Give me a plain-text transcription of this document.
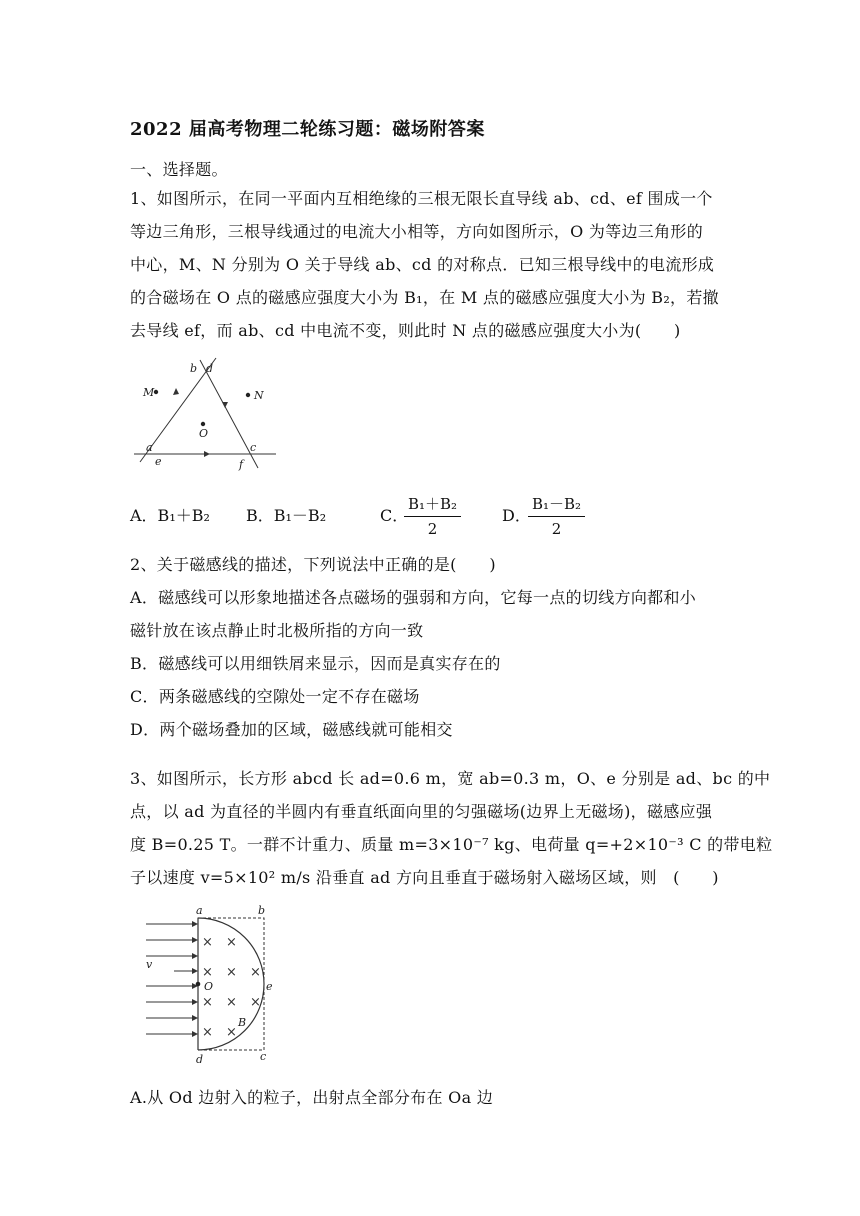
2022 届高考物理二轮练习题：磁场附答案
一、选择题。
1、如图所示，在同一平面内互相绝缘的三根无限长直导线 ab、cd、ef 围成一个
等边三角形，三根导线通过的电流大小相等，方向如图所示，O 为等边三角形的
中心，M、N 分别为 O 关于导线 ab、cd 的对称点．已知三根导线中的电流形成
的合磁场在 O 点的磁感应强度大小为 B₁，在 M 点的磁感应强度大小为 B₂，若撤
去导线 ef，而 ab、cd 中电流不变，则此时 N 点的磁感应强度大小为(　　)
b d
M	N
O
a	c
e	f
A．B₁＋B₂ B．B₁－B₂	C．
$\frac{\text{B₁＋B₂}}{2}$	D．
$\frac{\text{B₁－B₂}}{2}$
2、关于磁感线的描述，下列说法中正确的是(　　)
A．磁感线可以形象地描述各点磁场的强弱和方向，它每一点的切线方向都和小
磁针放在该点静止时北极所指的方向一致
B．磁感线可以用细铁屑来显示，因而是真实存在的
C．两条磁感线的空隙处一定不存在磁场
D．两个磁场叠加的区域，磁感线就可能相交
3、如图所示，长方形 abcd 长 ad=0.6 m，宽 ab=0.3 m，O、e 分别是 ad、bc 的中
点，以 ad 为直径的半圆内有垂直纸面向里的匀强磁场(边界上无磁场)，磁感应强
度 B=0.25 T。一群不计重力、质量 m=3×10⁻⁷ kg、电荷量 q=+2×10⁻³ C 的带电粒
子以速度 v=5×10² m/s 沿垂直 ad 方向且垂直于磁场射入磁场区域，则　(　　)
× ×
× × ×
× × ×
× ×
a	b
v
O	e
B
d	c
A.从 Od 边射入的粒子，出射点全部分布在 Oa 边
